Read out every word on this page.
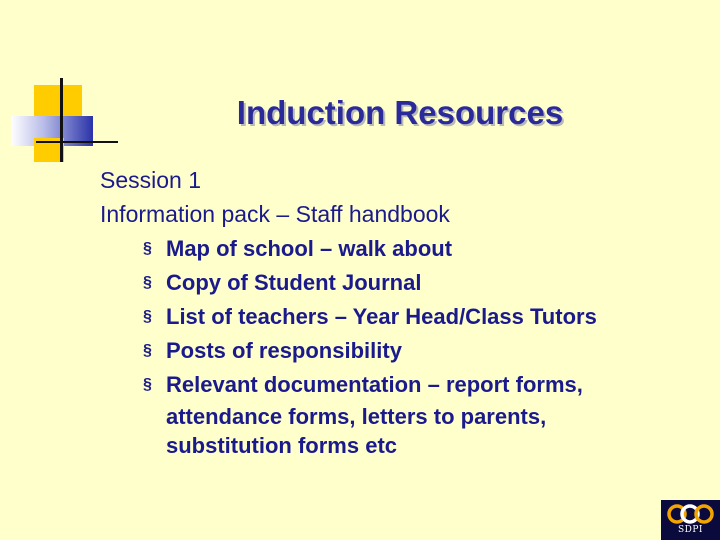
Induction Resources
Session 1
Information pack – Staff handbook
§ Map of school – walk about
§ Copy of Student Journal
§ List of teachers – Year Head/Class Tutors
§ Posts of responsibility
§ Relevant documentation – report forms,
attendance forms, letters to parents,
substitution forms etc
SDPI
